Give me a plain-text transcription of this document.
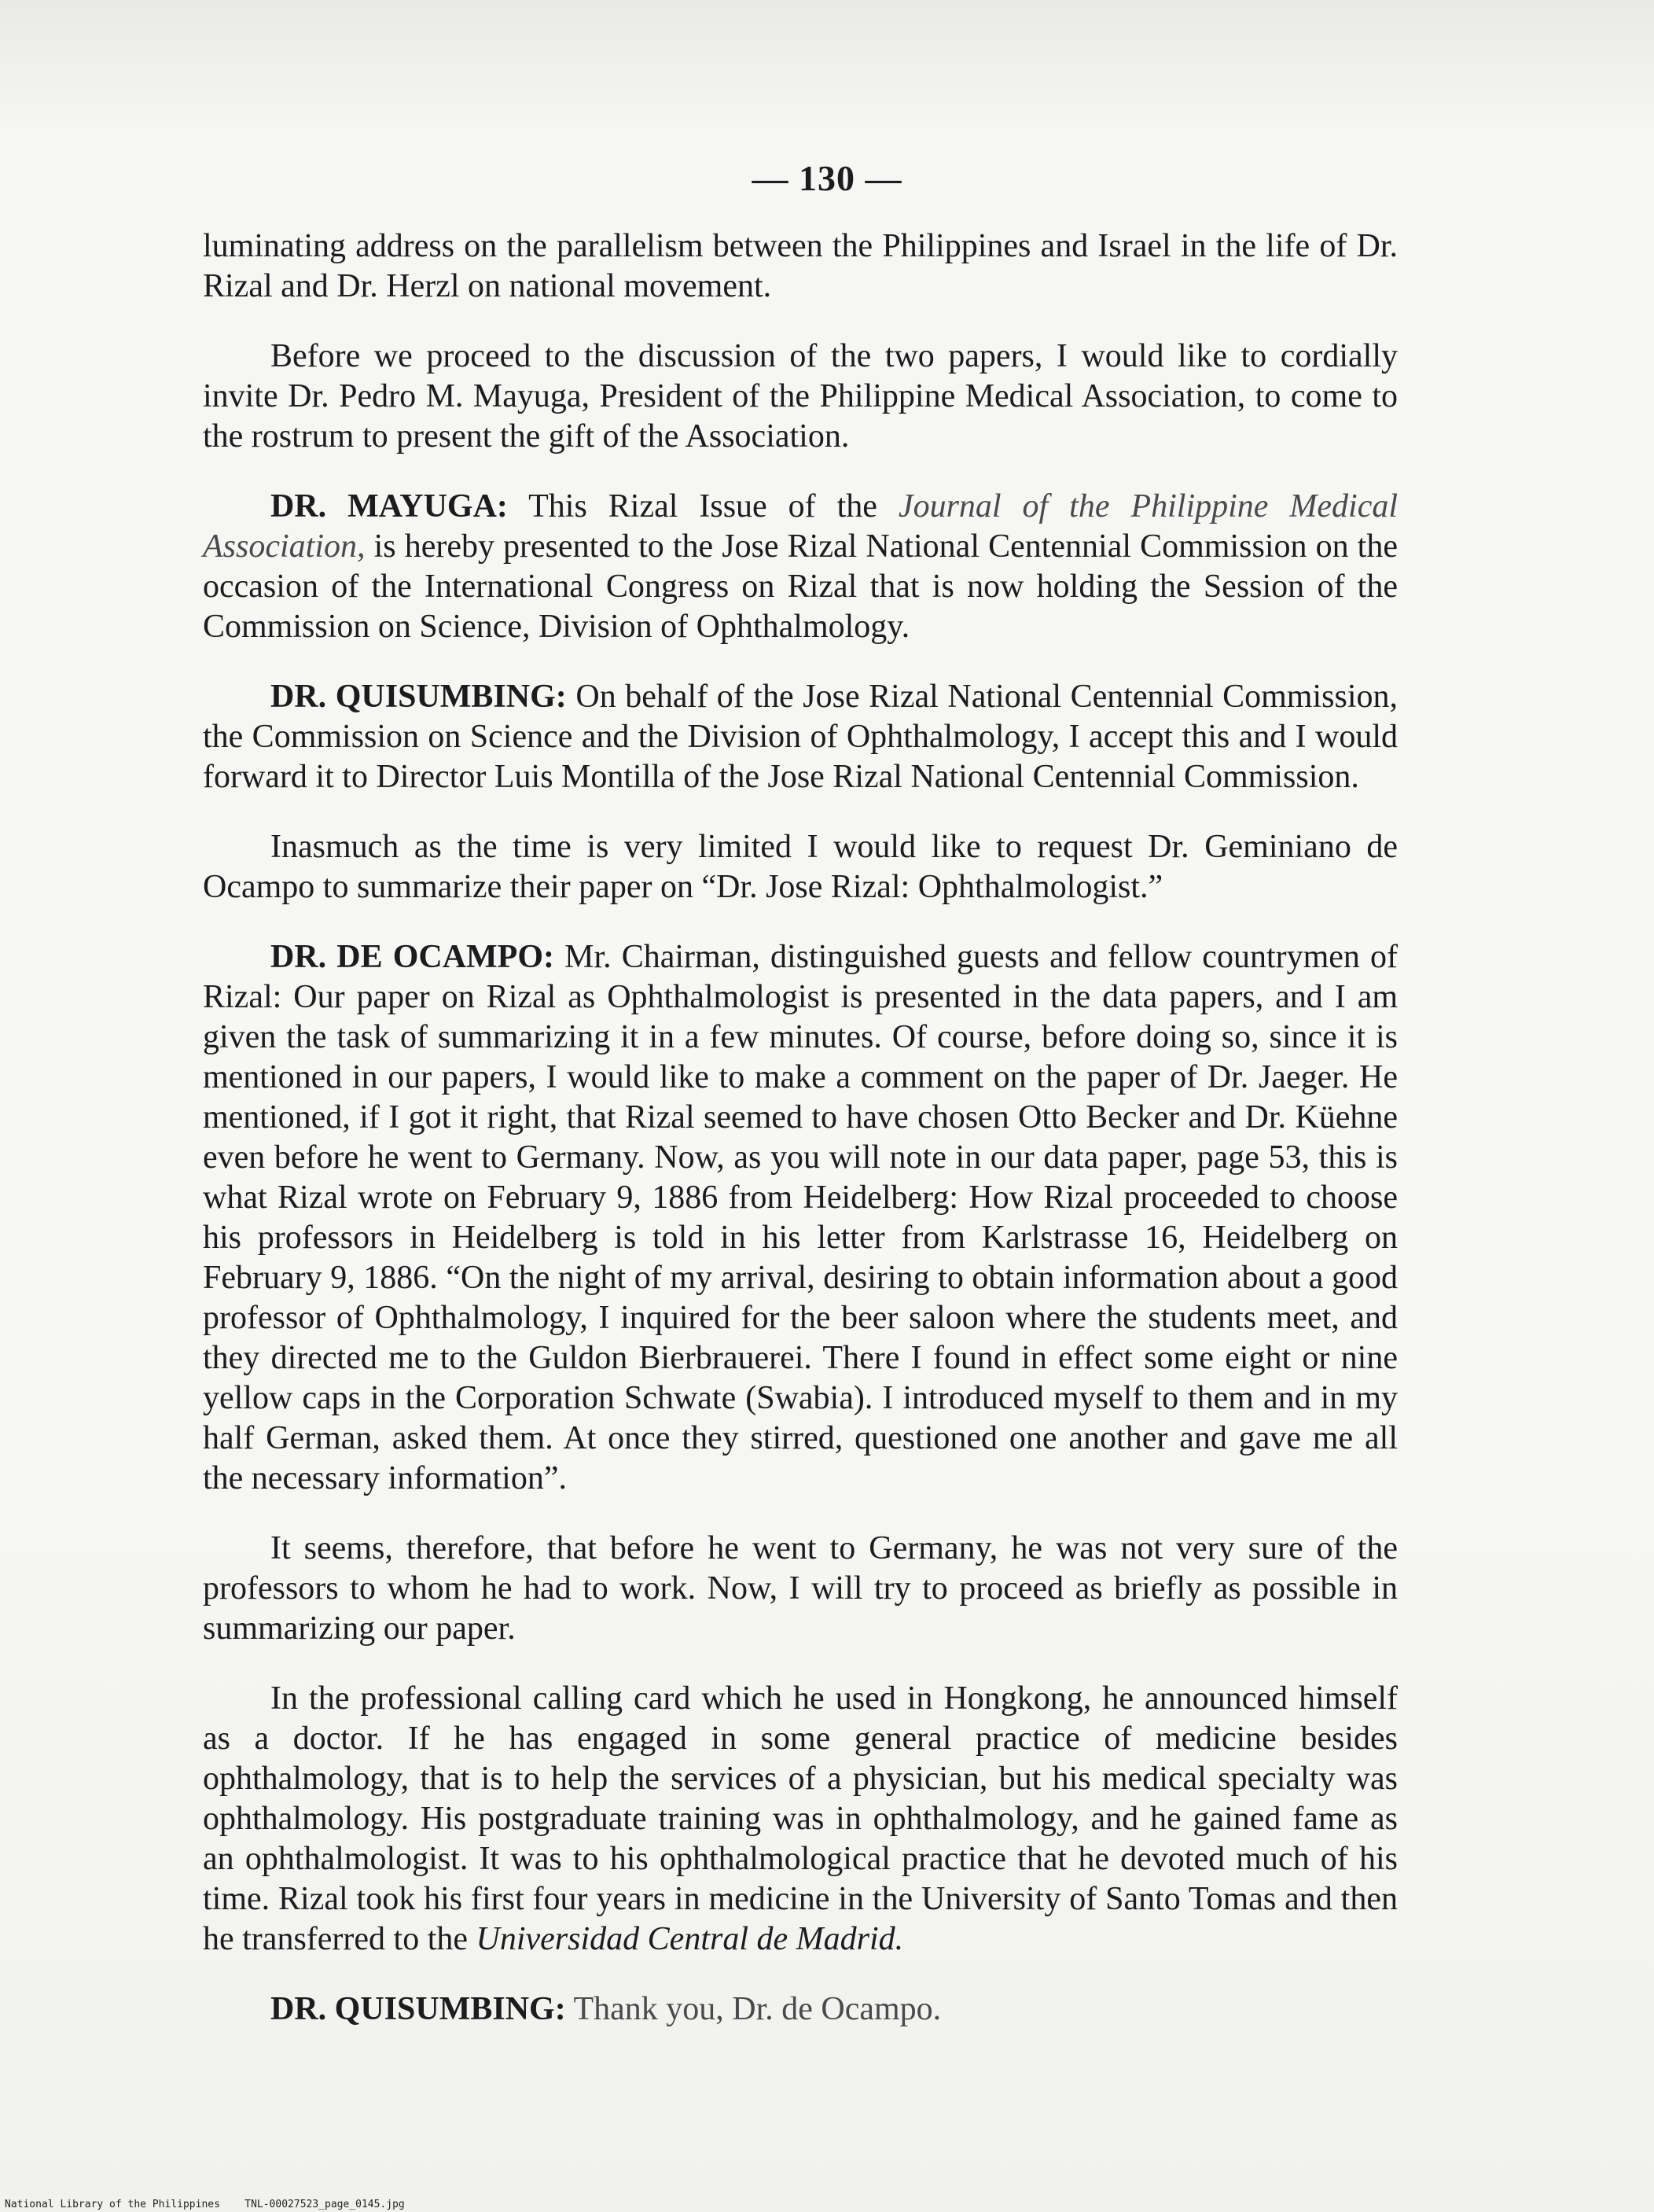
— 130 —

luminating address on the parallelism between the Philippines and Israel in the life of Dr. Rizal and Dr. Herzl on national movement.

Before we proceed to the discussion of the two papers, I would like to cordially invite Dr. Pedro M. Mayuga, President of the Philippine Medical Association, to come to the rostrum to present the gift of the Association.

DR. MAYUGA: This Rizal Issue of the Journal of the Philippine Medical Association, is hereby presented to the Jose Rizal National Centennial Commission on the occasion of the International Congress on Rizal that is now holding the Session of the Commission on Science, Division of Ophthalmology.

DR. QUISUMBING: On behalf of the Jose Rizal National Centennial Commission, the Commission on Science and the Division of Ophthalmology, I accept this and I would forward it to Director Luis Montilla of the Jose Rizal National Centennial Commission.

Inasmuch as the time is very limited I would like to request Dr. Geminiano de Ocampo to summarize their paper on “Dr. Jose Rizal: Ophthalmologist.”

DR. DE OCAMPO: Mr. Chairman, distinguished guests and fellow countrymen of Rizal: Our paper on Rizal as Ophthalmologist is presented in the data papers, and I am given the task of summarizing it in a few minutes. Of course, before doing so, since it is mentioned in our papers, I would like to make a comment on the paper of Dr. Jaeger. He mentioned, if I got it right, that Rizal seemed to have chosen Otto Becker and Dr. Küehne even before he went to Germany. Now, as you will note in our data paper, page 53, this is what Rizal wrote on February 9, 1886 from Heidelberg: How Rizal proceeded to choose his professors in Heidelberg is told in his letter from Karlstrasse 16, Heidelberg on February 9, 1886. “On the night of my arrival, desiring to obtain information about a good professor of Ophthalmology, I inquired for the beer saloon where the students meet, and they directed me to the Guldon Bierbrauerei. There I found in effect some eight or nine yellow caps in the Corporation Schwate (Swabia). I introduced myself to them and in my half German, asked them. At once they stirred, questioned one another and gave me all the necessary information”.

It seems, therefore, that before he went to Germany, he was not very sure of the professors to whom he had to work. Now, I will try to proceed as briefly as possible in summarizing our paper.

In the professional calling card which he used in Hongkong, he announced himself as a doctor. If he has engaged in some general practice of medicine besides ophthalmology, that is to help the services of a physician, but his medical specialty was ophthalmology. His postgraduate training was in ophthalmology, and he gained fame as an ophthalmologist. It was to his ophthalmological practice that he devoted much of his time. Rizal took his first four years in medicine in the University of Santo Tomas and then he transferred to the Universidad Central de Madrid.

DR. QUISUMBING: Thank you, Dr. de Ocampo.

National Library of the Philippines TNL-00027523_page_0145.jpg
